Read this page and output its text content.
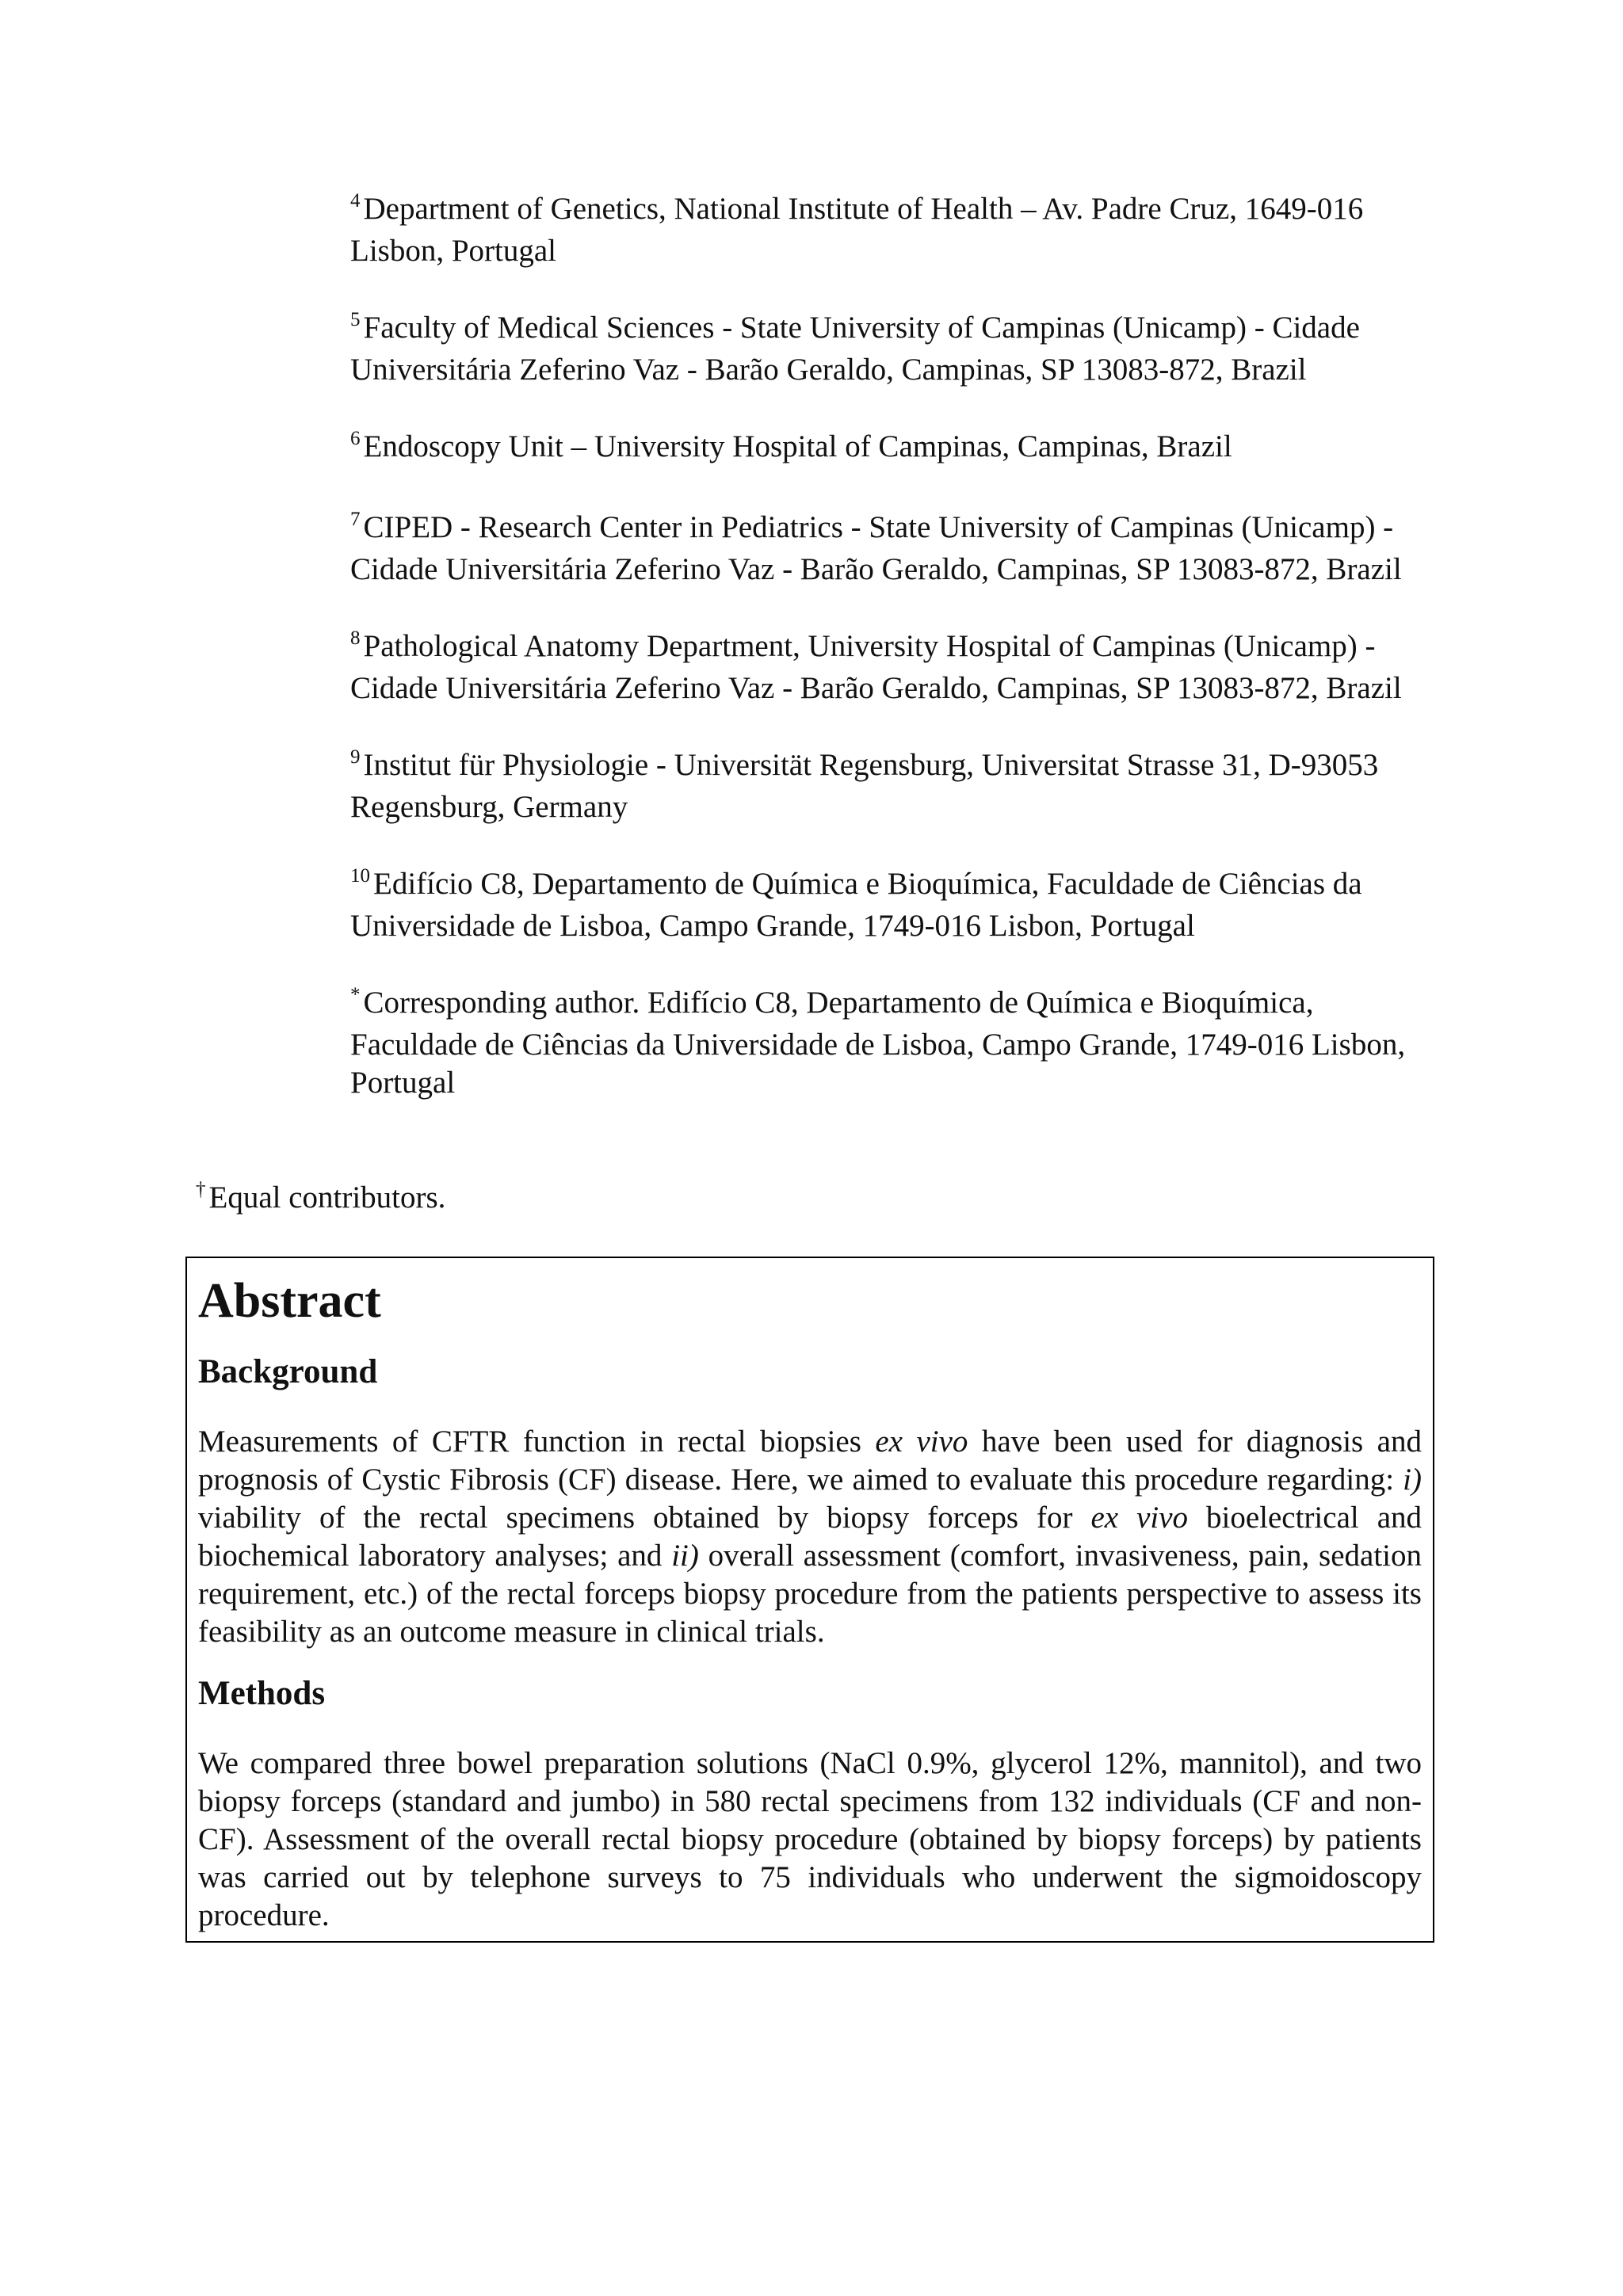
$^4$ Department of Genetics, National Institute of Health – Av. Padre Cruz, 1649-016 Lisbon, Portugal

$^5$ Faculty of Medical Sciences - State University of Campinas (Unicamp) - Cidade Universitária Zeferino Vaz - Barão Geraldo, Campinas, SP 13083-872, Brazil

$^6$ Endoscopy Unit – University Hospital of Campinas, Campinas, Brazil

$^7$ CIPED - Research Center in Pediatrics - State University of Campinas (Unicamp) - Cidade Universitária Zeferino Vaz - Barão Geraldo, Campinas, SP 13083-872, Brazil

$^8$ Pathological Anatomy Department, University Hospital of Campinas (Unicamp) - Cidade Universitária Zeferino Vaz - Barão Geraldo, Campinas, SP 13083-872, Brazil

$^9$ Institut für Physiologie - Universität Regensburg, Universitat Strasse 31, D-93053 Regensburg, Germany

$^{10}$ Edifício C8, Departamento de Química e Bioquímica, Faculdade de Ciências da Universidade de Lisboa, Campo Grande, 1749-016 Lisbon, Portugal

* Corresponding author. Edifício C8, Departamento de Química e Bioquímica, Faculdade de Ciências da Universidade de Lisboa, Campo Grande, 1749-016 Lisbon, Portugal

† Equal contributors.
Abstract
Background

Measurements of CFTR function in rectal biopsies ex vivo have been used for diagnosis and prognosis of Cystic Fibrosis (CF) disease. Here, we aimed to evaluate this procedure regarding: i) viability of the rectal specimens obtained by biopsy forceps for ex vivo bioelectrical and biochemical laboratory analyses; and ii) overall assessment (comfort, invasiveness, pain, sedation requirement, etc.) of the rectal forceps biopsy procedure from the patients perspective to assess its feasibility as an outcome measure in clinical trials.

Methods

We compared three bowel preparation solutions (NaCl 0.9%, glycerol 12%, mannitol), and two biopsy forceps (standard and jumbo) in 580 rectal specimens from 132 individuals (CF and non-CF). Assessment of the overall rectal biopsy procedure (obtained by biopsy forceps) by patients was carried out by telephone surveys to 75 individuals who underwent the sigmoidoscopy procedure.
